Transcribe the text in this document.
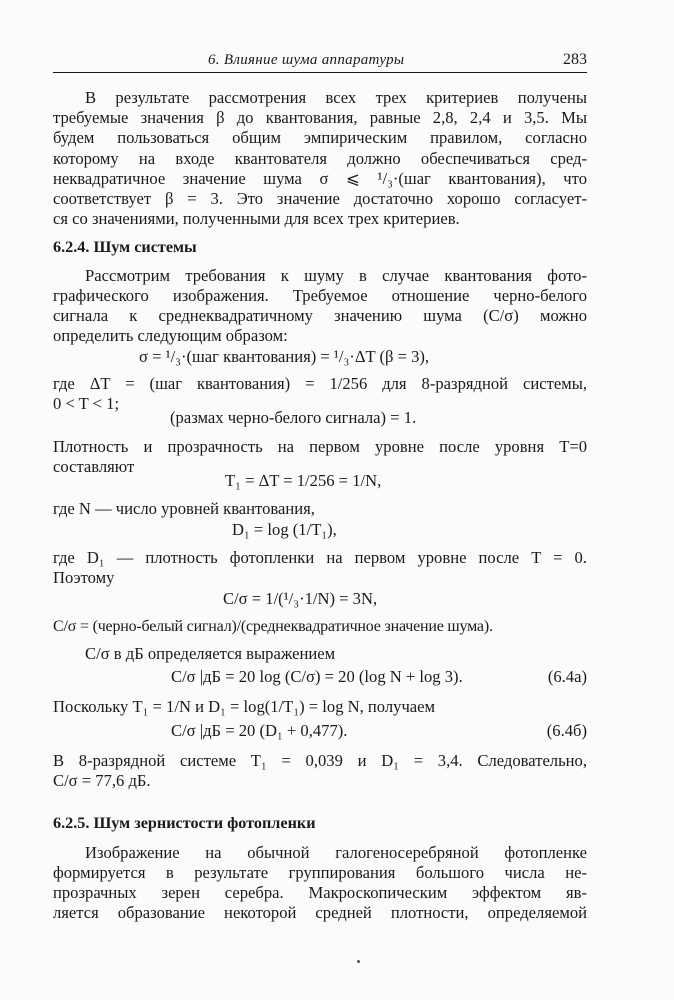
6. Влияние шума аппаратуры	283
В результате рассмотрения всех трех критериев получены
требуемые значения β до квантования, равные 2,8, 2,4 и 3,5. Мы
будем пользоваться общим эмпирическим правилом, согласно
которому на входе квантователя должно обеспечиваться сред-
неквадратичное значение шума σ ⩽ ¹/₃·(шаг квантования), что
соответствует β = 3. Это значение достаточно хорошо согласует-
ся со значениями, полученными для всех трех критериев.
6.2.4. Шум системы
Рассмотрим требования к шуму в случае квантования фото-
графического изображения. Требуемое отношение черно-белого
сигнала к среднеквадратичному значению шума (С/σ) можно
определить следующим образом:
σ = ¹/₃·(шаг квантования) = ¹/₃·ΔT (β = 3),
где ΔT = (шаг квантования) = 1/256 для 8-разрядной системы,
0 < T < 1;
(размах черно-белого сигнала) = 1.
Плотность и прозрачность на первом уровне после уровня T=0
составляют
T₁ = ΔT = 1/256 = 1/N,
где N — число уровней квантования,
D₁ = log (1/T₁),
где D₁ — плотность фотопленки на первом уровне после T = 0.
Поэтому
С/σ = 1/(¹/₃·1/N) = 3N,
С/σ = (черно-белый сигнал)/(среднеквадратичное значение шума).
С/σ в дБ определяется выражением
С/σ |дБ = 20 log (С/σ) = 20 (log N + log 3).	(6.4а)
Поскольку T₁ = 1/N и D₁ = log(1/T₁) = log N, получаем
С/σ |дБ = 20 (D₁ + 0,477).	(6.4б)
В 8-разрядной системе T₁ = 0,039 и D₁ = 3,4. Следовательно,
С/σ = 77,6 дБ.
6.2.5. Шум зернистости фотопленки
Изображение на обычной галогеносеребряной фотопленке
формируется в результате группирования большого числа не-
прозрачных зерен серебра. Макроскопическим эффектом яв-
ляется образование некоторой средней плотности, определяемой
